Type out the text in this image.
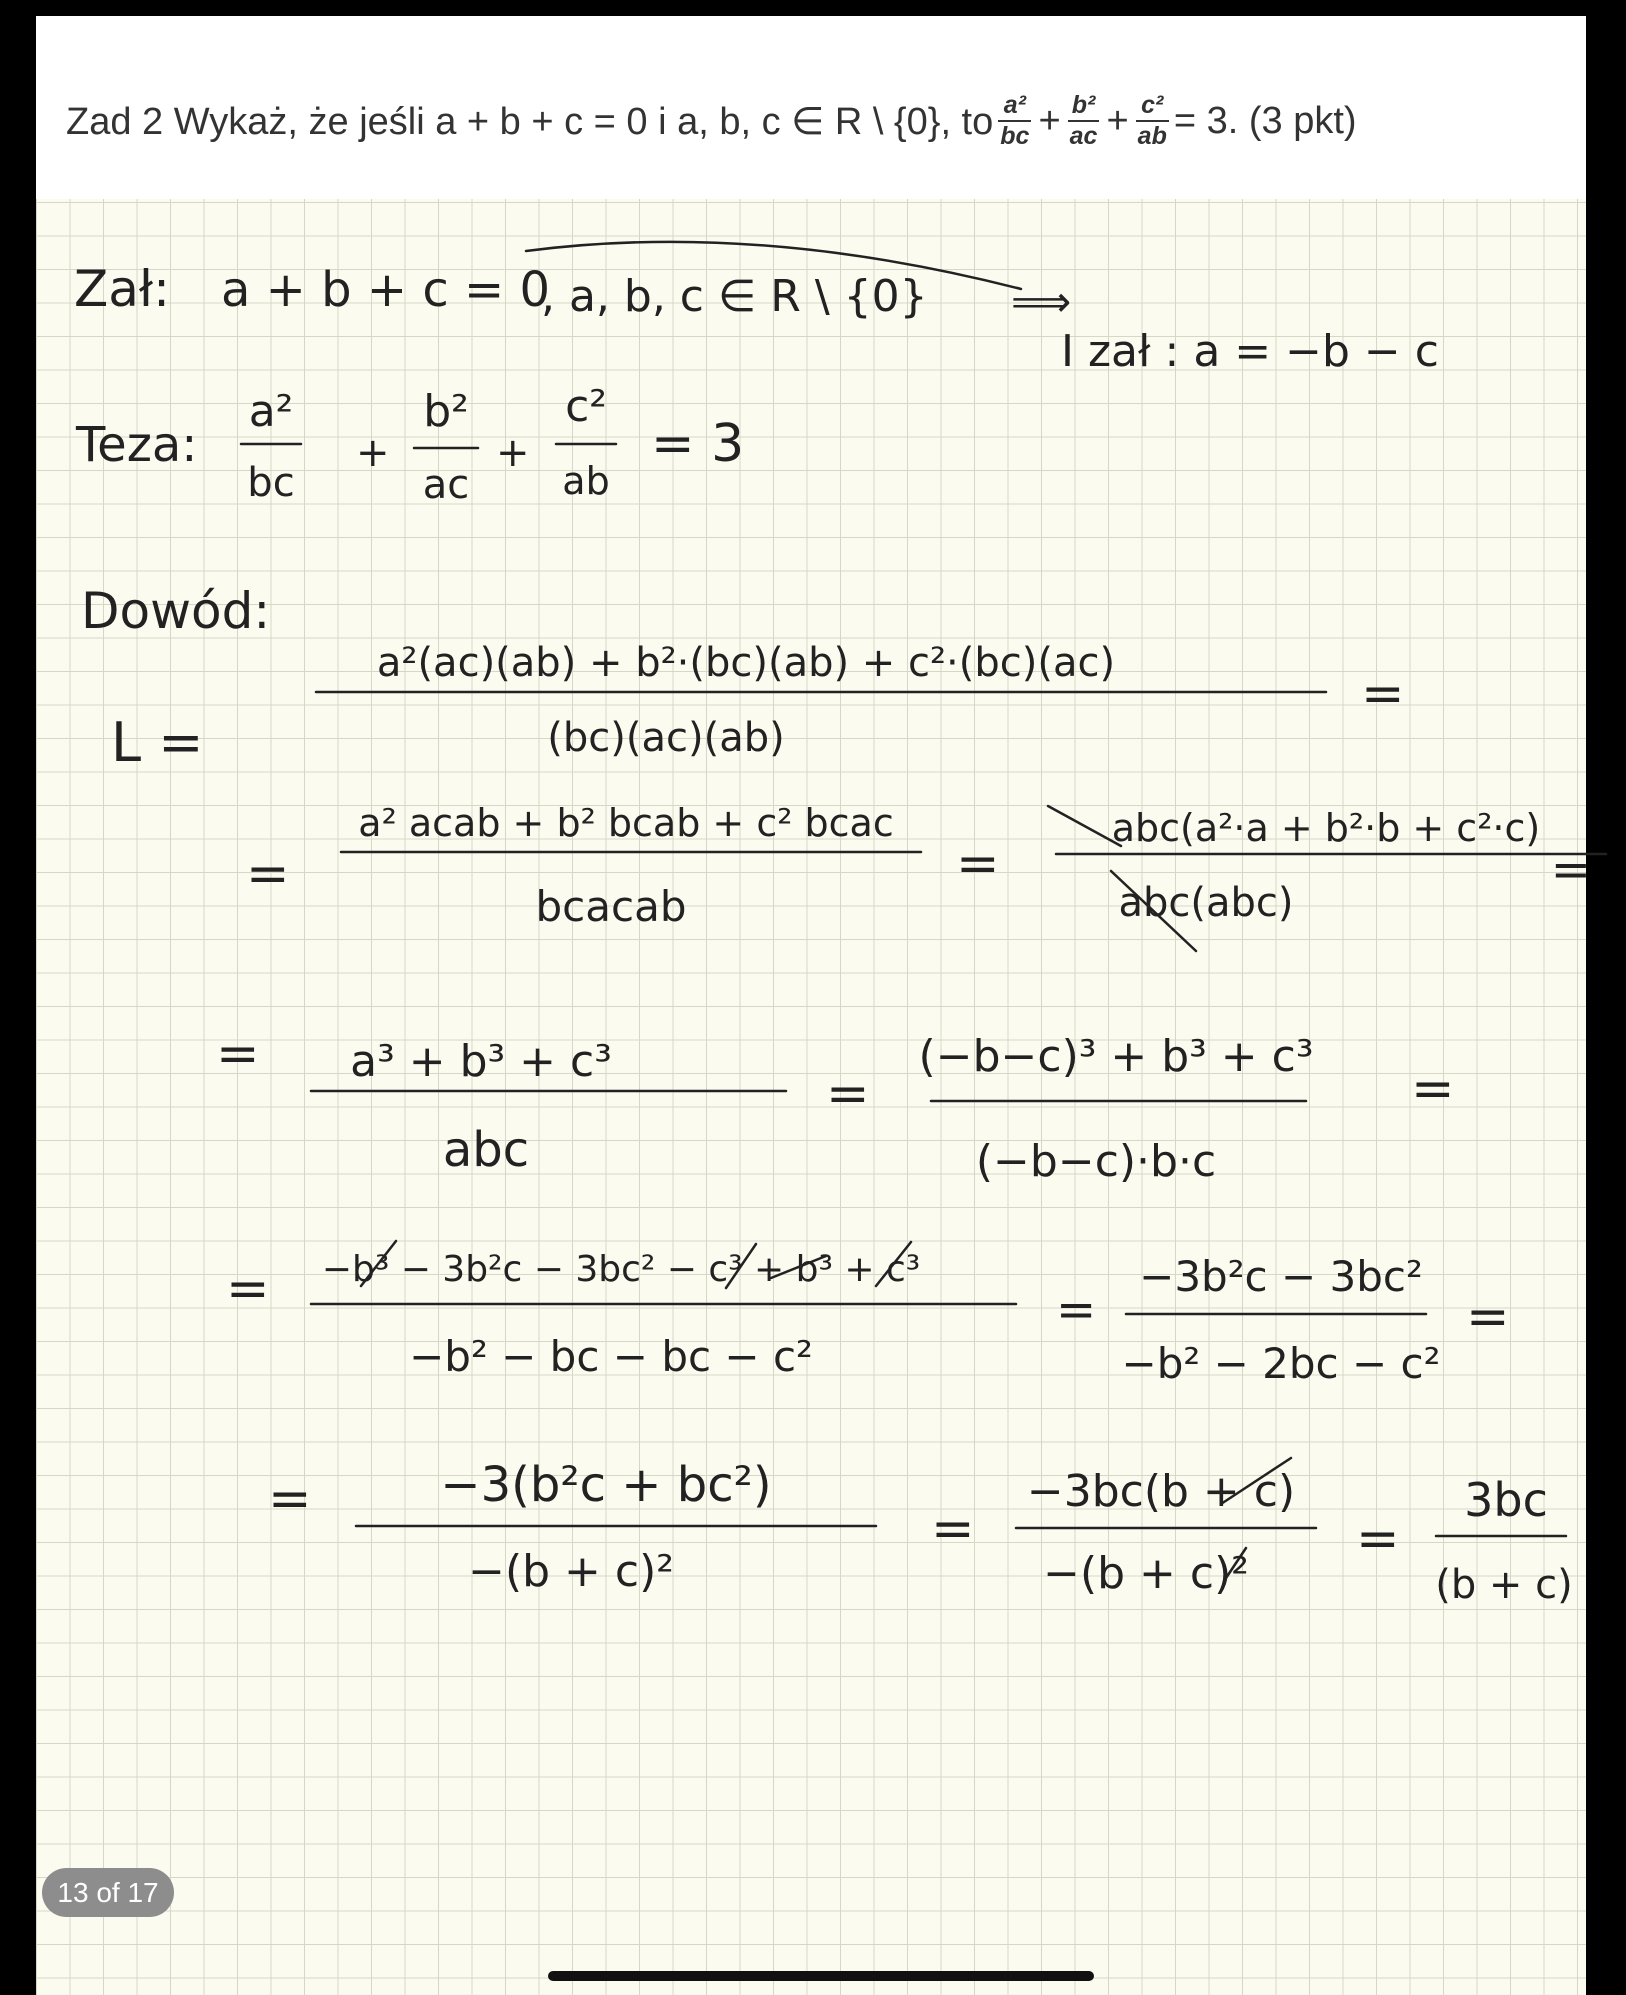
Zad 2 Wykaż, że jeśli a + b + c = 0 i a, b, c ∈ R \ {0}, to $\frac{\text{a²}}{bc} + \frac{\text{b²}}{ac} + \frac{\text{c²}}{ab} = 3$. (3 pkt)
Zał: a + b + c = 0
, a, b, c ∈ R \ {0} ⟹
I zał : a = −b − c
Teza:
a²
bc
+
b²
ac
+
c²
ab
= 3
Dowód:
L =
a²(ac)(ab) + b²·(bc)(ab) + c²·(bc)(ac)
(bc)(ac)(ab)
=
=
a² acab + b² bcab + c² bcac
bcacab
=
abc(a²·a + b²·b + c²·c)
abc(abc)
=
= a³ + b³ + c³
abc
=
(−b−c)³ + b³ + c³
(−b−c)·b·c
=
= −b³ − 3b²c − 3bc² − c³ + b³ + c³
−b² − bc − bc − c²
=
−3b²c − 3bc²
−b² − 2bc − c²
=
=	−3(b²c + bc²)
−(b + c)²
=
−3bc(b + c)
−(b + c)²
=
3bc
(b + c)
13 of 17
